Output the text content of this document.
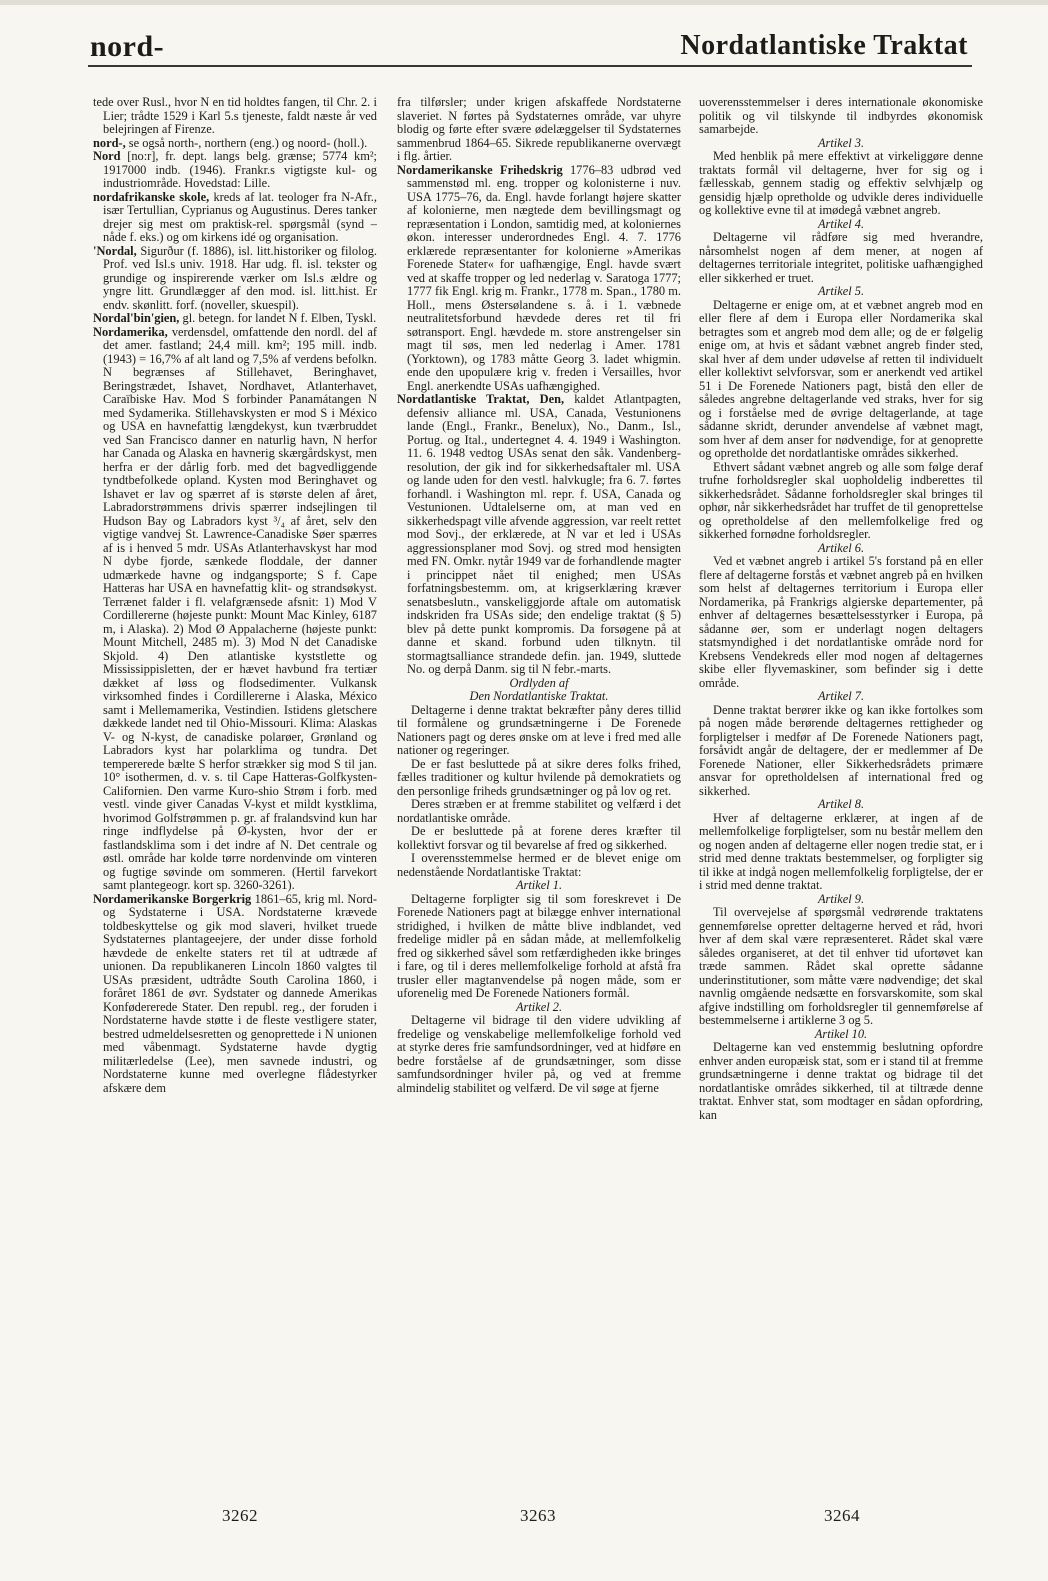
nord-	Nordatlantiske Traktat

tede over Rusl., hvor N en tid holdtes fangen, til Chr. 2. i Lier; trådte 1529 i Karl 5.s tjeneste, faldt næste år ved belejringen af Firenze.

nord-, se også north-, northern (eng.) og noord- (holl.).

Nord [no:r], fr. dept. langs belg. grænse; 5774 km²; 1917000 indb. (1946). Frankr.s vigtigste kul- og industriområde. Hovedstad: Lille.

nordafrikanske skole, kreds af lat. teologer fra N-Afr., især Tertullian, Cyprianus og Augustinus. Deres tanker drejer sig mest om praktisk-rel. spørgsmål (synd – nåde f. eks.) og om kirkens idé og organisation.

'Nordal, Sigurður (f. 1886), isl. litt.historiker og filolog. Prof. ved Isl.s univ. 1918. Har udg. fl. isl. tekster og grundige og inspirerende værker om Isl.s ældre og yngre litt. Grundlægger af den mod. isl. litt.hist. Er endv. skønlitt. forf. (noveller, skuespil).

Nordal'bin'gien, gl. betegn. for landet N f. Elben, Tyskl.

Nordamerika, verdensdel, omfattende den nordl. del af det amer. fastland; 24,4 mill. km²; 195 mill. indb. (1943) = 16,7% af alt land og 7,5% af verdens befolkn. N begrænses af Stillehavet, Beringhavet, Beringstrædet, Ishavet, Nordhavet, Atlanterhavet, Caraïbiske Hav. Mod S forbinder Panamátangen N med Sydamerika. Stillehavskysten er mod S i México og USA en havnefattig længdekyst, kun tværbruddet ved San Francisco danner en naturlig havn, N herfor har Canada og Alaska en havnerig skærgårdskyst, men herfra er der dårlig forb. med det bagvedliggende tyndtbefolkede opland. Kysten mod Beringhavet og Ishavet er lav og spærret af is største delen af året, Labradorstrømmens drivis spærrer indsejlingen til Hudson Bay og Labradors kyst ³/₄ af året, selv den vigtige vandvej St. Lawrence-Canadiske Søer spærres af is i henved 5 mdr. USAs Atlanterhavskyst har mod N dybe fjorde, sænkede floddale, der danner udmærkede havne og indgangsporte; S f. Cape Hatteras har USA en havnefattig klit- og strandsøkyst. Terrænet falder i fl. velafgrænsede afsnit: 1) Mod V Cordillererne (højeste punkt: Mount Mac Kinley, 6187 m, i Alaska). 2) Mod Ø Appalacherne (højeste punkt: Mount Mitchell, 2485 m). 3) Mod N det Canadiske Skjold. 4) Den atlantiske kyststlette og Mississippisletten, der er hævet havbund fra tertiær dækket af løss og flodsedimenter. Vulkansk virksomhed findes i Cordillererne i Alaska, México samt i Mellemamerika, Vestindien. Istidens gletschere dækkede landet ned til Ohio-Missouri. Klima: Alaskas V- og N-kyst, de canadiske polarøer, Grønland og Labradors kyst har polarklima og tundra. Det tempererede bælte S herfor strækker sig mod S til jan. 10° isothermen, d. v. s. til Cape Hatteras-Golfkysten-Californien. Den varme Kuro-shio Strøm i forb. med vestl. vinde giver Canadas V-kyst et mildt kystklima, hvorimod Golfstrømmen p. gr. af fralandsvind kun har ringe indflydelse på Ø-kysten, hvor der er fastlandsklima som i det indre af N. Det centrale og østl. område har kolde tørre nordenvinde om vinteren og fugtige søvinde om sommeren. (Hertil farvekort samt plantegeogr. kort sp. 3260-3261).

Nordamerikanske Borgerkrig 1861–65, krig ml. Nord- og Sydstaterne i USA. Nordstaterne krævede toldbeskyttelse og gik mod slaveri, hvilket truede Sydstaternes plantageejere, der under disse forhold hævdede de enkelte staters ret til at udtræde af unionen. Da republikaneren Lincoln 1860 valgtes til USAs præsident, udtrådte South Carolina 1860, i foråret 1861 de øvr. Sydstater og dannede Amerikas Konfødererede Stater. Den republ. reg., der foruden i Nordstaterne havde støtte i de fleste vestligere stater, bestred udmeldelsesretten og genoprettede i N unionen med våbenmagt. Sydstaterne havde dygtig militærledelse (Lee), men savnede industri, og Nordstaterne kunne med overlegne flådestyrker afskære dem

fra tilførsler; under krigen afskaffede Nordstaterne slaveriet. N førtes på Sydstaternes område, var uhyre blodig og førte efter svære ødelæggelser til Sydstaternes sammenbrud 1864–65. Sikrede republikanerne overvægt i flg. årtier.

Nordamerikanske Frihedskrig 1776–83 udbrød ved sammenstød ml. eng. tropper og kolonisterne i nuv. USA 1775–76, da. Engl. havde forlangt højere skatter af kolonierne, men nægtede dem bevillingsmagt og repræsentation i London, samtidig med, at koloniernes økon. interesser underordnedes Engl. 4. 7. 1776 erklærede repræsentanter for kolonierne »Amerikas Forenede Stater« for uafhængige, Engl. havde svært ved at skaffe tropper og led nederlag v. Saratoga 1777; 1777 fik Engl. krig m. Frankr., 1778 m. Span., 1780 m. Holl., mens Østersølandene s. å. i 1. væbnede neutralitetsforbund hævdede deres ret til fri søtransport. Engl. hævdede m. store anstrengelser sin magt til søs, men led nederlag i Amer. 1781 (Yorktown), og 1783 måtte Georg 3. ladet whigmin. ende den upopulære krig v. freden i Versailles, hvor Engl. anerkendte USAs uafhængighed.

Nordatlantiske Traktat, Den, kaldet Atlantpagten, defensiv alliance ml. USA, Canada, Vestunionens lande (Engl., Frankr., Benelux), No., Danm., Isl., Portug. og Ital., undertegnet 4. 4. 1949 i Washington. 11. 6. 1948 vedtog USAs senat den såk. Vandenberg-resolution, der gik ind for sikkerhedsaftaler ml. USA og lande uden for den vestl. halvkugle; fra 6. 7. førtes forhandl. i Washington ml. repr. f. USA, Canada og Vestunionen. Udtalelserne om, at man ved en sikkerhedspagt ville afvende aggression, var reelt rettet mod Sovj., der erklærede, at N var et led i USAs aggressionsplaner mod Sovj. og stred mod hensigten med FN. Omkr. nytår 1949 var de forhandlende magter i princippet nået til enighed; men USAs forfatningsbestemm. om, at krigserklæring kræver senatsbeslutn., vanskeliggjorde aftale om automatisk indskriden fra USAs side; den endelige traktat (§ 5) blev på dette punkt kompromis. Da forsøgene på at danne et skand. forbund uden tilknytn. til stormagtsalliance strandede defin. jan. 1949, sluttede No. og derpå Danm. sig til N febr.-marts.

Ordlyden af

Den Nordatlantiske Traktat.

Deltagerne i denne traktat bekræfter påny deres tillid til formålene og grundsætningerne i De Forenede Nationers pagt og deres ønske om at leve i fred med alle nationer og regeringer.

De er fast besluttede på at sikre deres folks frihed, fælles traditioner og kultur hvilende på demokratiets og den personlige friheds grundsætninger og på lov og ret.

Deres stræben er at fremme stabilitet og velfærd i det nordatlantiske område.

De er besluttede på at forene deres kræfter til kollektivt forsvar og til bevarelse af fred og sikkerhed.

I overensstemmelse hermed er de blevet enige om nedenstående Nordatlantiske Traktat:

Artikel 1.

Deltagerne forpligter sig til som foreskrevet i De Forenede Nationers pagt at bilægge enhver international stridighed, i hvilken de måtte blive indblandet, ved fredelige midler på en sådan måde, at mellemfolkelig fred og sikkerhed såvel som retfærdigheden ikke bringes i fare, og til i deres mellemfolkelige forhold at afstå fra trusler eller magtanvendelse på nogen måde, som er uforenelig med De Forenede Nationers formål.

Artikel 2.

Deltagerne vil bidrage til den videre udvikling af fredelige og venskabelige mellemfolkelige forhold ved at styrke deres frie samfundsordninger, ved at hidføre en bedre forståelse af de grundsætninger, som disse samfundsordninger hviler på, og ved at fremme almindelig stabilitet og velfærd. De vil søge at fjerne

uoverensstemmelser i deres internationale økonomiske politik og vil tilskynde til indbyrdes økonomisk samarbejde.

Artikel 3.

Med henblik på mere effektivt at virkeliggøre denne traktats formål vil deltagerne, hver for sig og i fællesskab, gennem stadig og effektiv selvhjælp og gensidig hjælp opretholde og udvikle deres individuelle og kollektive evne til at imødegå væbnet angreb.

Artikel 4.

Deltagerne vil rådføre sig med hverandre, nårsomhelst nogen af dem mener, at nogen af deltagernes territoriale integritet, politiske uafhængighed eller sikkerhed er truet.

Artikel 5.

Deltagerne er enige om, at et væbnet angreb mod en eller flere af dem i Europa eller Nordamerika skal betragtes som et angreb mod dem alle; og de er følgelig enige om, at hvis et sådant væbnet angreb finder sted, skal hver af dem under udøvelse af retten til individuelt eller kollektivt selvforsvar, som er anerkendt ved artikel 51 i De Forenede Nationers pagt, bistå den eller de således angrebne deltagerlande ved straks, hver for sig og i forståelse med de øvrige deltagerlande, at tage sådanne skridt, derunder anvendelse af væbnet magt, som hver af dem anser for nødvendige, for at genoprette og opretholde det nordatlantiske områdes sikkerhed.

Ethvert sådant væbnet angreb og alle som følge deraf trufne forholdsregler skal uopholdelig indberettes til sikkerhedsrådet. Sådanne forholdsregler skal bringes til ophør, når sikkerhedsrådet har truffet de til genoprettelse og opretholdelse af den mellemfolkelige fred og sikkerhed fornødne forholdsregler.

Artikel 6.

Ved et væbnet angreb i artikel 5's forstand på en eller flere af deltagerne forstås et væbnet angreb på en hvilken som helst af deltagernes territorium i Europa eller Nordamerika, på Frankrigs algierske departementer, på enhver af deltagernes besættelsesstyrker i Europa, på sådanne øer, som er underlagt nogen deltagers statsmyndighed i det nordatlantiske område nord for Krebsens Vendekreds eller mod nogen af deltagernes skibe eller flyvemaskiner, som befinder sig i dette område.

Artikel 7.

Denne traktat berører ikke og kan ikke fortolkes som på nogen måde berørende deltagernes rettigheder og forpligtelser i medfør af De Forenede Nationers pagt, forsåvidt angår de deltagere, der er medlemmer af De Forenede Nationer, eller Sikkerhedsrådets primære ansvar for opretholdelsen af international fred og sikkerhed.

Artikel 8.

Hver af deltagerne erklærer, at ingen af de mellemfolkelige forpligtelser, som nu består mellem den og nogen anden af deltagerne eller nogen tredie stat, er i strid med denne traktats bestemmelser, og forpligter sig til ikke at indgå nogen mellemfolkelig forpligtelse, der er i strid med denne traktat.

Artikel 9.

Til overvejelse af spørgsmål vedrørende traktatens gennemførelse opretter deltagerne herved et råd, hvori hver af dem skal være repræsenteret. Rådet skal være således organiseret, at det til enhver tid ufortøvet kan træde sammen. Rådet skal oprette sådanne underinstitutioner, som måtte være nødvendige; det skal navnlig omgående nedsætte en forsvarskomite, som skal afgive indstilling om forholdsregler til gennemførelse af bestemmelserne i artiklerne 3 og 5.

Artikel 10.

Deltagerne kan ved enstemmig beslutning opfordre enhver anden europæisk stat, som er i stand til at fremme grundsætningerne i denne traktat og bidrage til det nordatlantiske områdes sikkerhed, til at tiltræde denne traktat. Enhver stat, som modtager en sådan opfordring, kan

3262	3263	3264
